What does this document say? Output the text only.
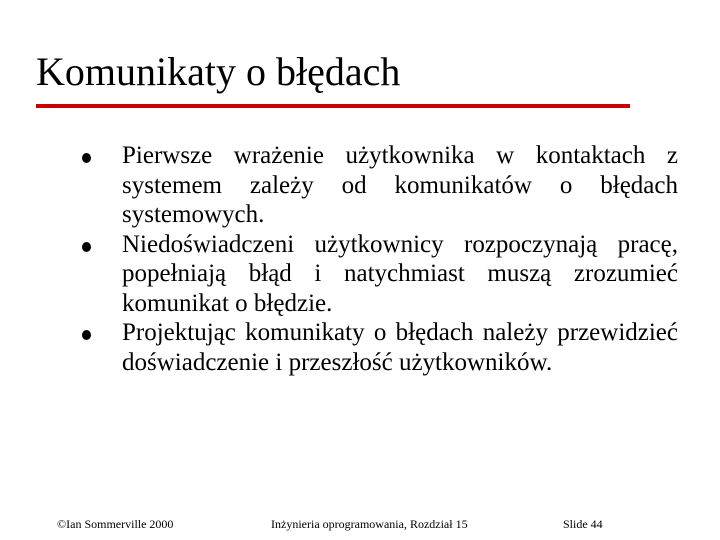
Komunikaty o błędach
Pierwsze wrażenie użytkownika w kontaktach z systemem zależy od komunikatów o błędach systemowych.
Niedoświadczeni użytkownicy rozpoczynają pracę, popełniają błąd i natychmiast muszą zrozumieć komunikat o błędzie.
Projektując komunikaty o błędach należy przewidzieć doświadczenie i przeszłość użytkowników.
©Ian Sommerville 2000	Inżynieria oprogramowania, Rozdział 15	Slide 44
